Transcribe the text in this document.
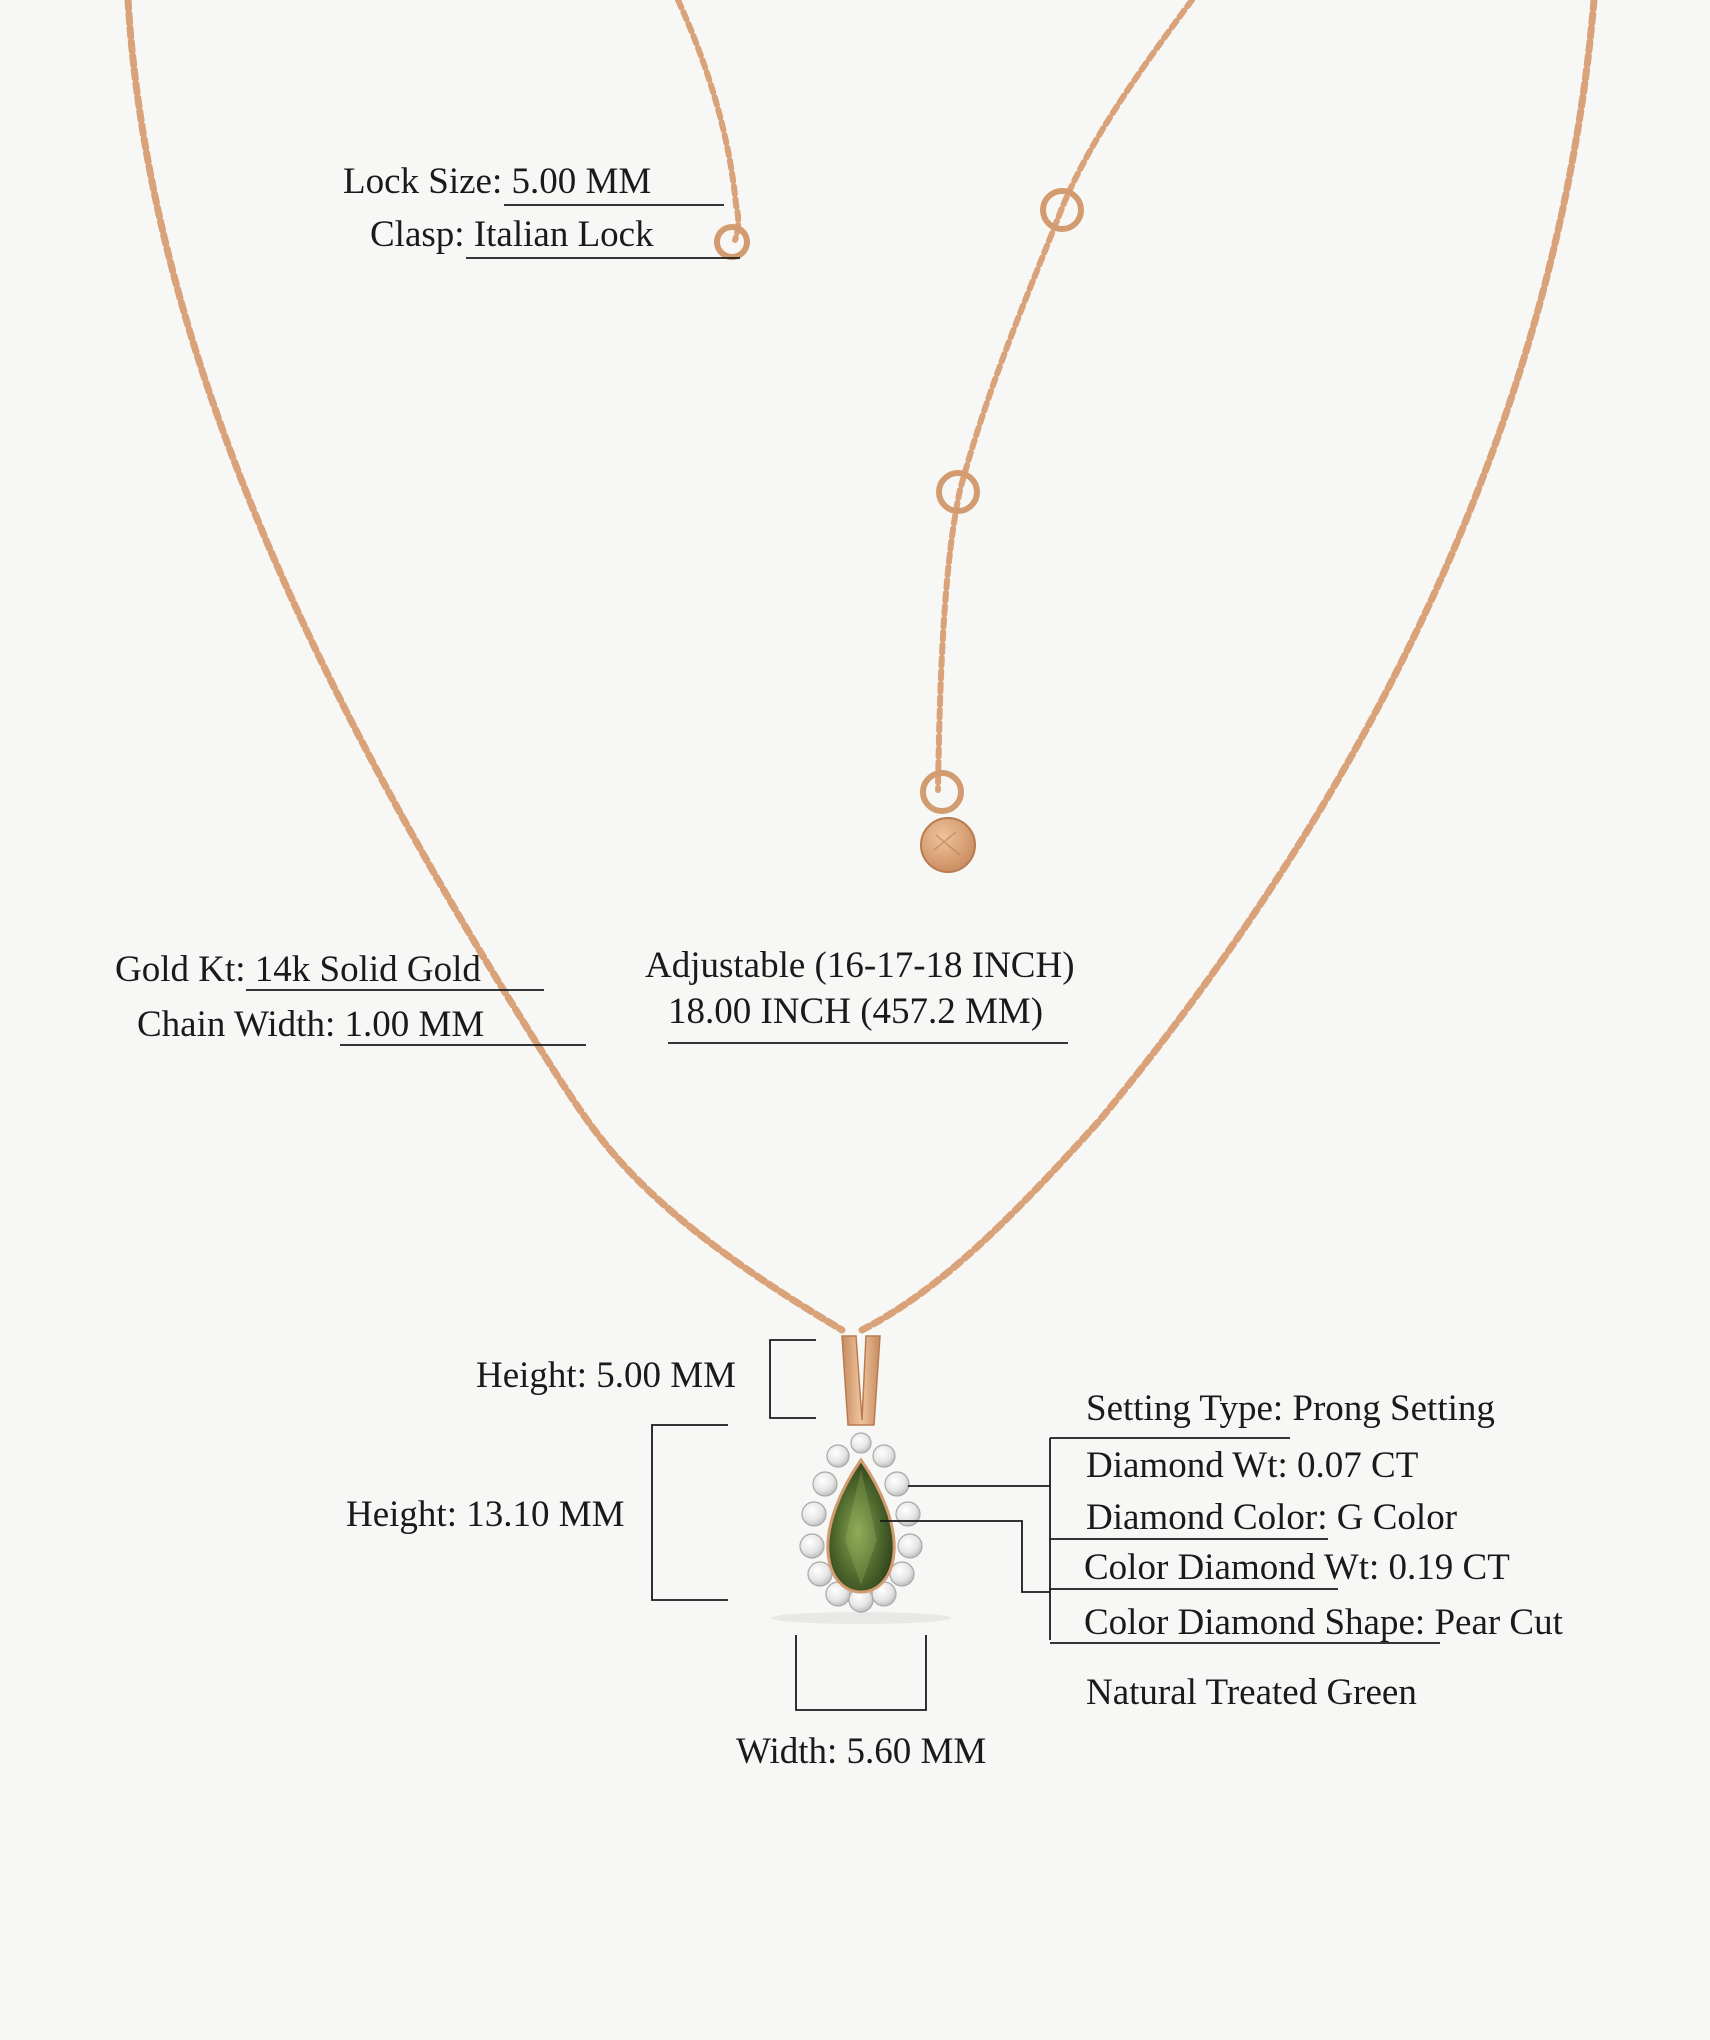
Lock Size: 5.00 MM
Clasp: Italian Lock
Gold Kt: 14k Solid Gold
Chain Width: 1.00 MM
Adjustable (16-17-18 INCH)
18.00 INCH (457.2 MM)
Height: 5.00 MM
Height: 13.10 MM
Width: 5.60 MM
Setting Type: Prong Setting
Diamond Wt: 0.07 CT
Diamond Color: G Color
Color Diamond Wt: 0.19 CT
Color Diamond Shape: Pear Cut
Natural Treated Green
